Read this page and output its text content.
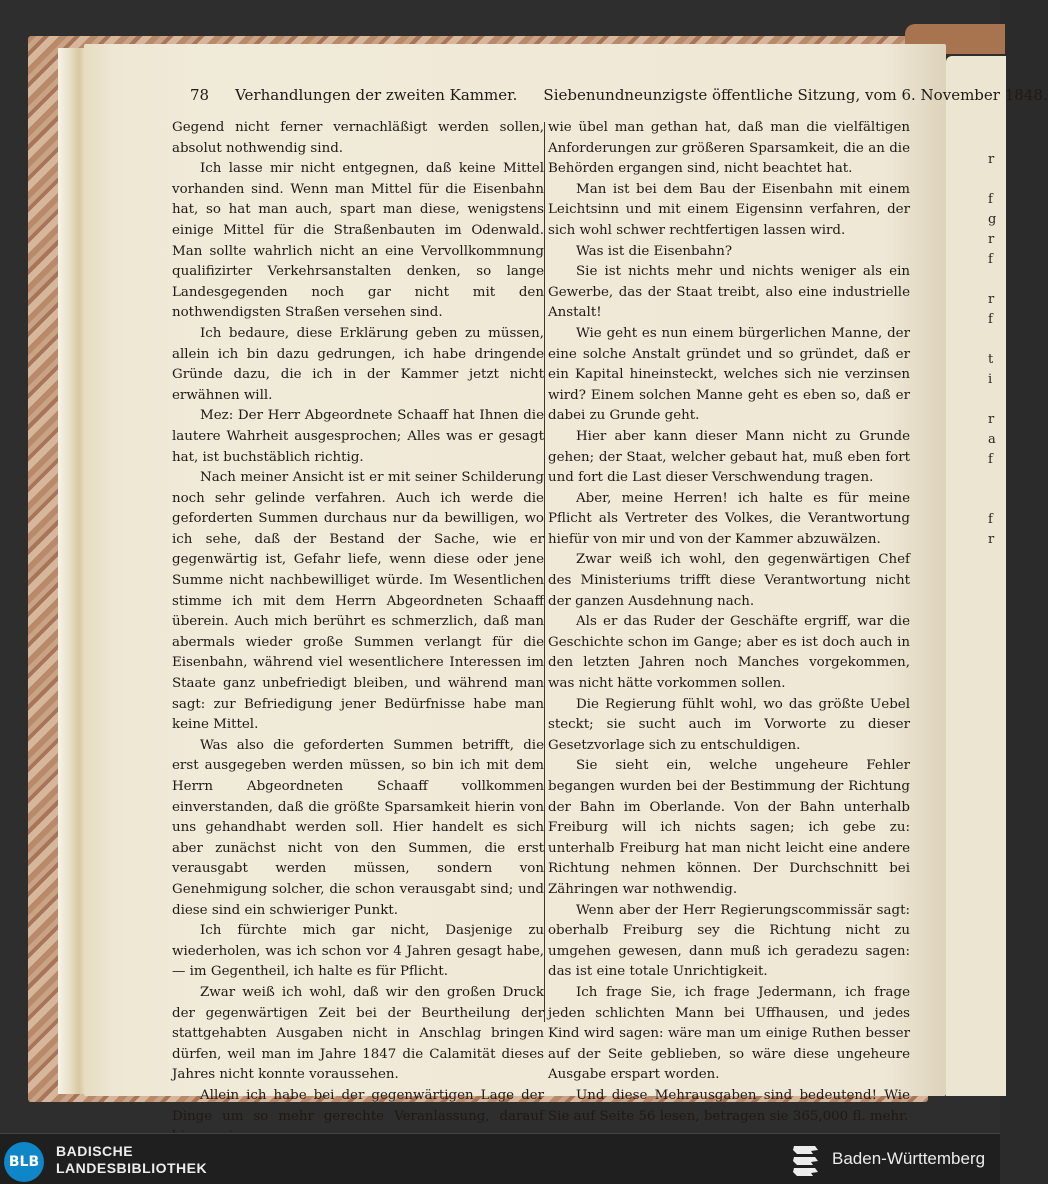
r

f
g
r
f

r
f

t
i

r
a
f

f
r
78 Verhandlungen der zweiten Kammer. Siebenundneunzigste öffentliche Sitzung, vom 6. November 1848.

Gegend nicht ferner vernachläßigt werden sollen, absolut nothwendig sind.

Ich lasse mir nicht entgegnen, daß keine Mittel vorhanden sind. Wenn man Mittel für die Eisenbahn hat, so hat man auch, spart man diese, wenigstens einige Mittel für die Straßenbauten im Odenwald. Man sollte wahrlich nicht an eine Vervollkommnung qualifizirter Verkehrsanstalten denken, so lange Landesgegenden noch gar nicht mit den nothwendigsten Straßen versehen sind.

Ich bedaure, diese Erklärung geben zu müssen, allein ich bin dazu gedrungen, ich habe dringende Gründe dazu, die ich in der Kammer jetzt nicht erwähnen will.

Mez: Der Herr Abgeordnete Schaaff hat Ihnen die lautere Wahrheit ausgesprochen; Alles was er gesagt hat, ist buchstäblich richtig.

Nach meiner Ansicht ist er mit seiner Schilderung noch sehr gelinde verfahren. Auch ich werde die geforderten Summen durchaus nur da bewilligen, wo ich sehe, daß der Bestand der Sache, wie er gegenwärtig ist, Gefahr liefe, wenn diese oder jene Summe nicht nachbewilliget würde. Im Wesentlichen stimme ich mit dem Herrn Abgeordneten Schaaff überein. Auch mich berührt es schmerzlich, daß man abermals wieder große Summen verlangt für die Eisenbahn, während viel wesentlichere Interessen im Staate ganz unbefriedigt bleiben, und während man sagt: zur Befriedigung jener Bedürfnisse habe man keine Mittel.

Was also die geforderten Summen betrifft, die erst ausgegeben werden müssen, so bin ich mit dem Herrn Abgeordneten Schaaff vollkommen einverstanden, daß die größte Sparsamkeit hierin von uns gehandhabt werden soll. Hier handelt es sich aber zunächst nicht von den Summen, die erst verausgabt werden müssen, sondern von Genehmigung solcher, die schon verausgabt sind; und diese sind ein schwieriger Punkt.

Ich fürchte mich gar nicht, Dasjenige zu wiederholen, was ich schon vor 4 Jahren gesagt habe, — im Gegentheil, ich halte es für Pflicht.

Zwar weiß ich wohl, daß wir den großen Druck der gegenwärtigen Zeit bei der Beurtheilung der stattgehabten Ausgaben nicht in Anschlag bringen dürfen, weil man im Jahre 1847 die Calamität dieses Jahres nicht konnte voraussehen.

Allein ich habe bei der gegenwärtigen Lage der Dinge um so mehr gerechte Veranlassung, darauf

wie übel man gethan hat, daß man die vielfältigen Anforderungen zur größeren Sparsamkeit, die an die Behörden ergangen sind, nicht beachtet hat.

Man ist bei dem Bau der Eisenbahn mit einem Leichtsinn und mit einem Eigensinn verfahren, der sich wohl schwer rechtfertigen lassen wird.

Was ist die Eisenbahn?

Sie ist nichts mehr und nichts weniger als ein Gewerbe, das der Staat treibt, also eine industrielle Anstalt!

Wie geht es nun einem bürgerlichen Manne, der eine solche Anstalt gründet und so gründet, daß er ein Kapital hineinsteckt, welches sich nie verzinsen wird? Einem solchen Manne geht es eben so, daß er dabei zu Grunde geht.

Hier aber kann dieser Mann nicht zu Grunde gehen; der Staat, welcher gebaut hat, muß eben fort und fort die Last dieser Verschwendung tragen.

Aber, meine Herren! ich halte es für meine Pflicht als Vertreter des Volkes, die Verantwortung hiefür von mir und von der Kammer abzuwälzen.

Zwar weiß ich wohl, den gegenwärtigen Chef des Ministeriums trifft diese Verantwortung nicht der ganzen Ausdehnung nach.

Als er das Ruder der Geschäfte ergriff, war die Geschichte schon im Gange; aber es ist doch auch in den letzten Jahren noch Manches vorgekommen, was nicht hätte vorkommen sollen.

Die Regierung fühlt wohl, wo das größte Uebel steckt; sie sucht auch im Vorworte zu dieser Gesetzvorlage sich zu entschuldigen.

Sie sieht ein, welche ungeheure Fehler begangen wurden bei der Bestimmung der Richtung der Bahn im Oberlande. Von der Bahn unterhalb Freiburg will ich nichts sagen; ich gebe zu: unterhalb Freiburg hat man nicht leicht eine andere Richtung nehmen können. Der Durchschnitt bei Zähringen war nothwendig.

Wenn aber der Herr Regierungscommissär sagt: oberhalb Freiburg sey die Richtung nicht zu umgehen gewesen, dann muß ich geradezu sagen: das ist eine totale Unrichtigkeit.

Ich frage Sie, ich frage Jedermann, ich frage jeden schlichten Mann bei Uffhausen, und jedes Kind wird sagen: wäre man um einige Ruthen besser auf der Seite geblieben, so wäre diese ungeheure Ausgabe erspart worden.

Und diese Mehrausgaben sind bedeutend! Wie Sie auf Seite 56 lesen, betragen sie 365,000 fl. mehr.

BLB
BADISCHE
LANDESBIBLIOTHEK	Baden-Württemberg
